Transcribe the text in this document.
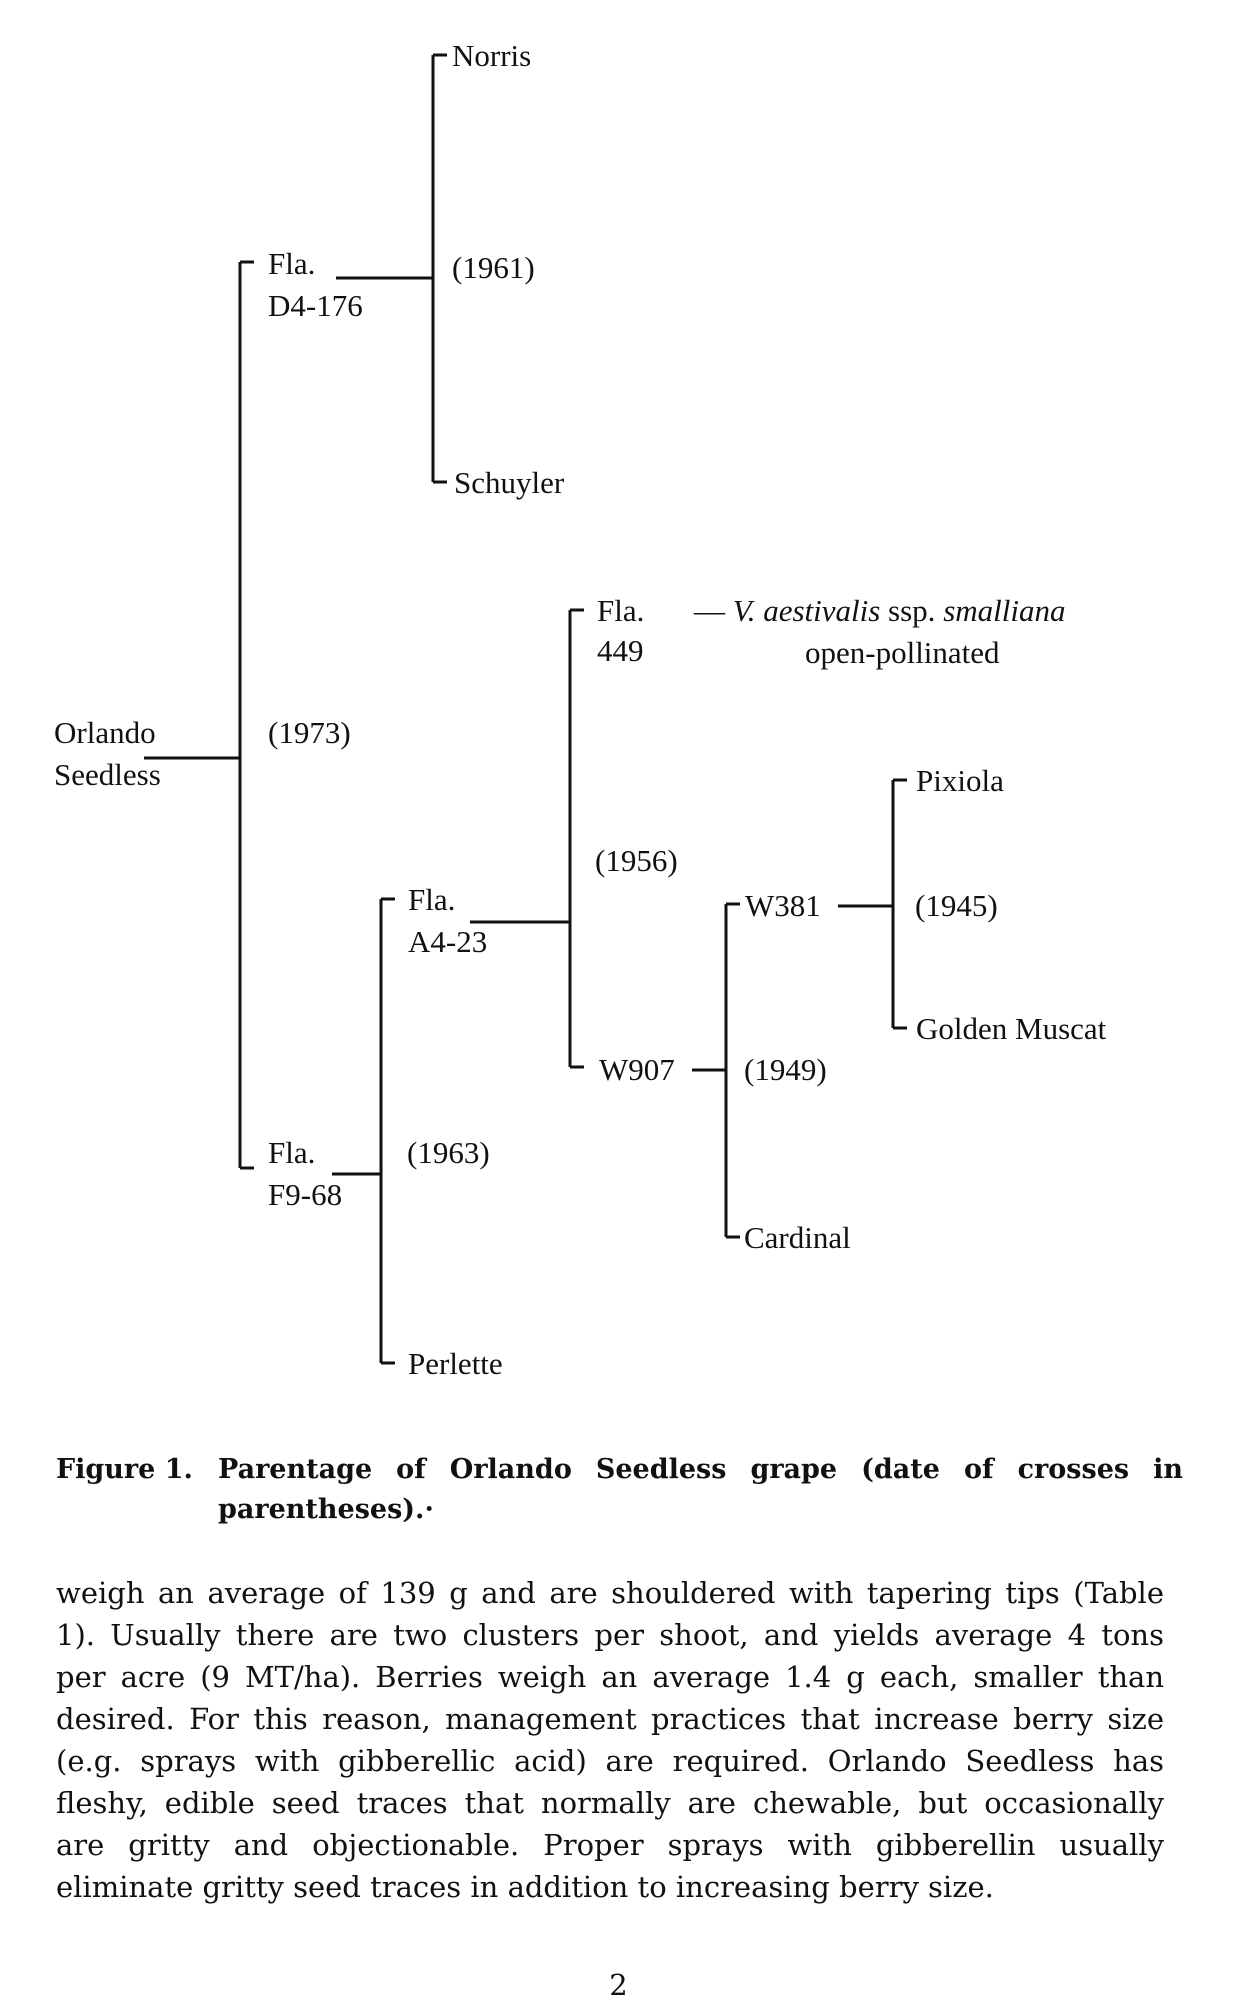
Norris
Schuyler
Fla.
D4-176
(1961)
Orlando
Seedless
(1973)
Fla.
449
— V. aestivalis ssp. smalliana
open-pollinated
(1956)
Fla.
A4-23
Pixiola
W381	(1945)
Golden Muscat
W907 (1949)
Fla.
F9-68
(1963)
Cardinal
Perlette
Figure 1. Parentage of Orlando Seedless grape (date of crosses in parentheses).·
weigh an average of 139 g and are shouldered with tapering tips (Table
1). Usually there are two clusters per shoot, and yields average 4 tons
per acre (9 MT/ha). Berries weigh an average 1.4 g each, smaller than
desired. For this reason, management practices that increase berry size
(e.g. sprays with gibberellic acid) are required. Orlando Seedless has
fleshy, edible seed traces that normally are chewable, but occasionally
are gritty and objectionable. Proper sprays with gibberellin usually
eliminate gritty seed traces in addition to increasing berry size.
2
